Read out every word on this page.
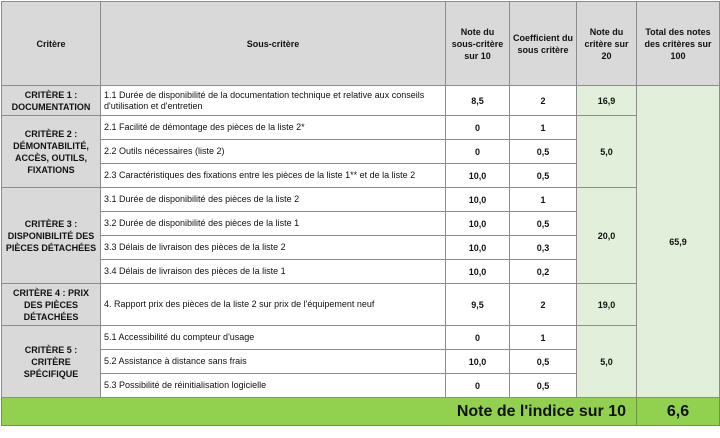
Critère	Sous-critère	Note du sous-critère sur 10	Coefficient du sous critère	Note du critère sur 20	Total des notes des critères sur 100
CRITÈRE 1 : DOCUMENTATION	1.1 Durée de disponibilité de la documentation technique et relative aux conseils d'utilisation et d'entretien	8,5	2	16,9	65,9
CRITÈRE 2 : DÉMONTABILITÉ, ACCÈS, OUTILS, FIXATIONS	2.1 Facilité de démontage des pièces de la liste 2*	0	1	5,0	
	2.2 Outils nécessaires (liste 2)	0	0,5		
	2.3 Caractéristiques des fixations entre les pièces de la liste 1** et de la liste 2	10,0	0,5		
CRITÈRE 3 : DISPONIBILITÉ DES PIÈCES DÉTACHÉES	3.1 Durée de disponibilité des pièces de la liste 2	10,0	1	20,0	
	3.2 Durée de disponibilité des pièces de la liste 1	10,0	0,5		
	3.3 Délais de livraison des pièces de la liste 2	10,0	0,3		
	3.4 Délais de livraison des pièces de la liste 1	10,0	0,2		
CRITÈRE 4 : PRIX DES PIÈCES DÉTACHÉES	4. Rapport prix des pièces de la liste 2 sur prix de l'équipement neuf	9,5	2	19,0	
CRITÈRE 5 : CRITÈRE SPÉCIFIQUE	5.1 Accessibilité du compteur d'usage	0	1	5,0	
	5.2 Assistance à distance sans frais	10,0	0,5		
	5.3 Possibilité de réinitialisation logicielle	0	0,5		

				Note de l'indice sur 10	6,6
